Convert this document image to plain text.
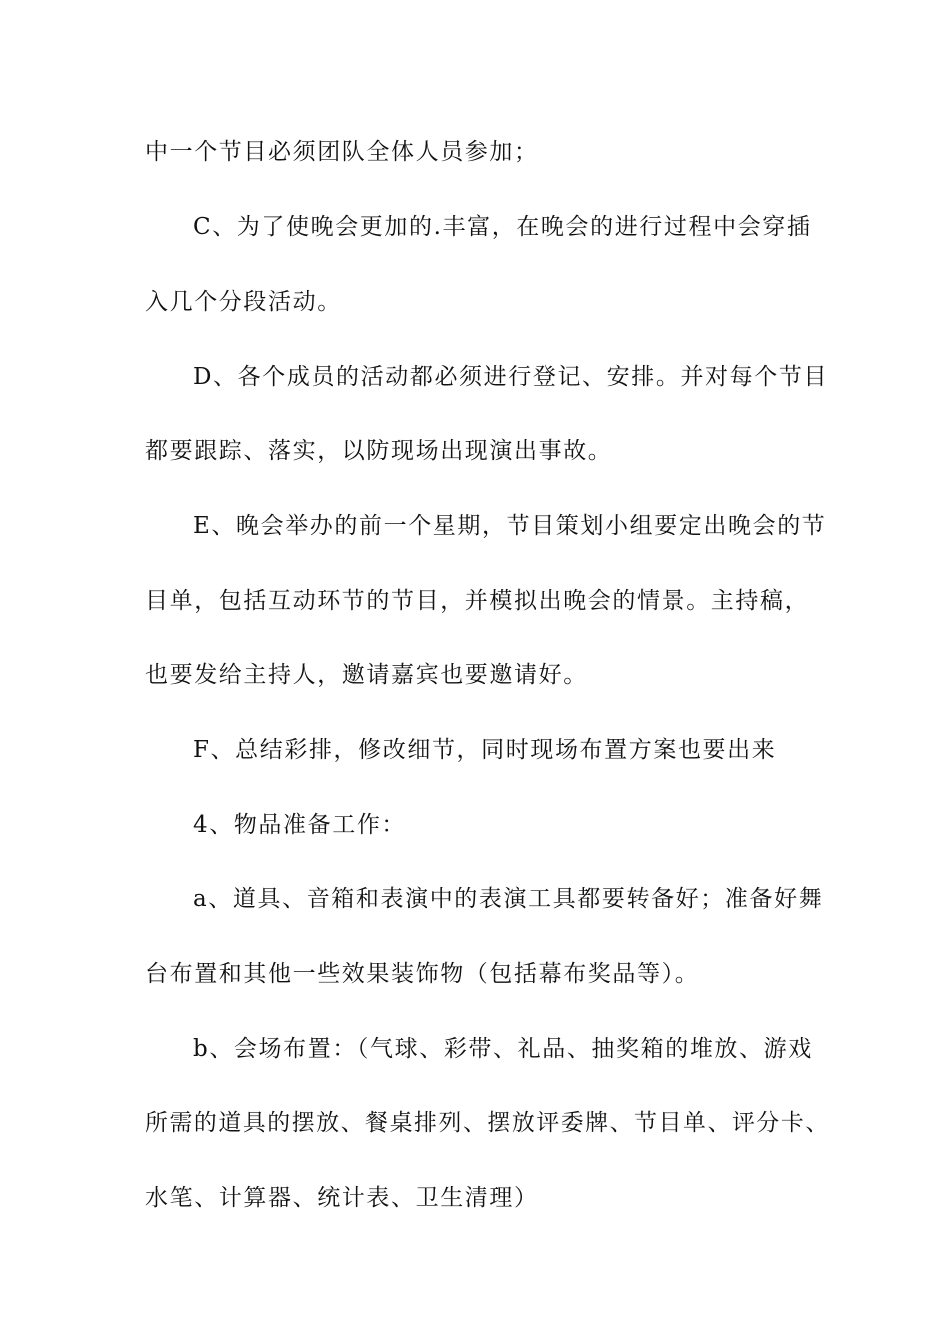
中一个节目必须团队全体人员参加；
C、为了使晚会更加的.丰富，在晚会的进行过程中会穿插
入几个分段活动。
D、各个成员的活动都必须进行登记、安排。并对每个节目
都要跟踪、落实，以防现场出现演出事故。
E、晚会举办的前一个星期，节目策划小组要定出晚会的节
目单，包括互动环节的节目，并模拟出晚会的情景。主持稿，
也要发给主持人，邀请嘉宾也要邀请好。
F、总结彩排，修改细节，同时现场布置方案也要出来
4、物品准备工作：
a、道具、音箱和表演中的表演工具都要转备好；准备好舞
台布置和其他一些效果装饰物（包括幕布奖品等）。
b、会场布置：（气球、彩带、礼品、抽奖箱的堆放、游戏
所需的道具的摆放、餐桌排列、摆放评委牌、节目单、评分卡、
水笔、计算器、统计表、卫生清理）
